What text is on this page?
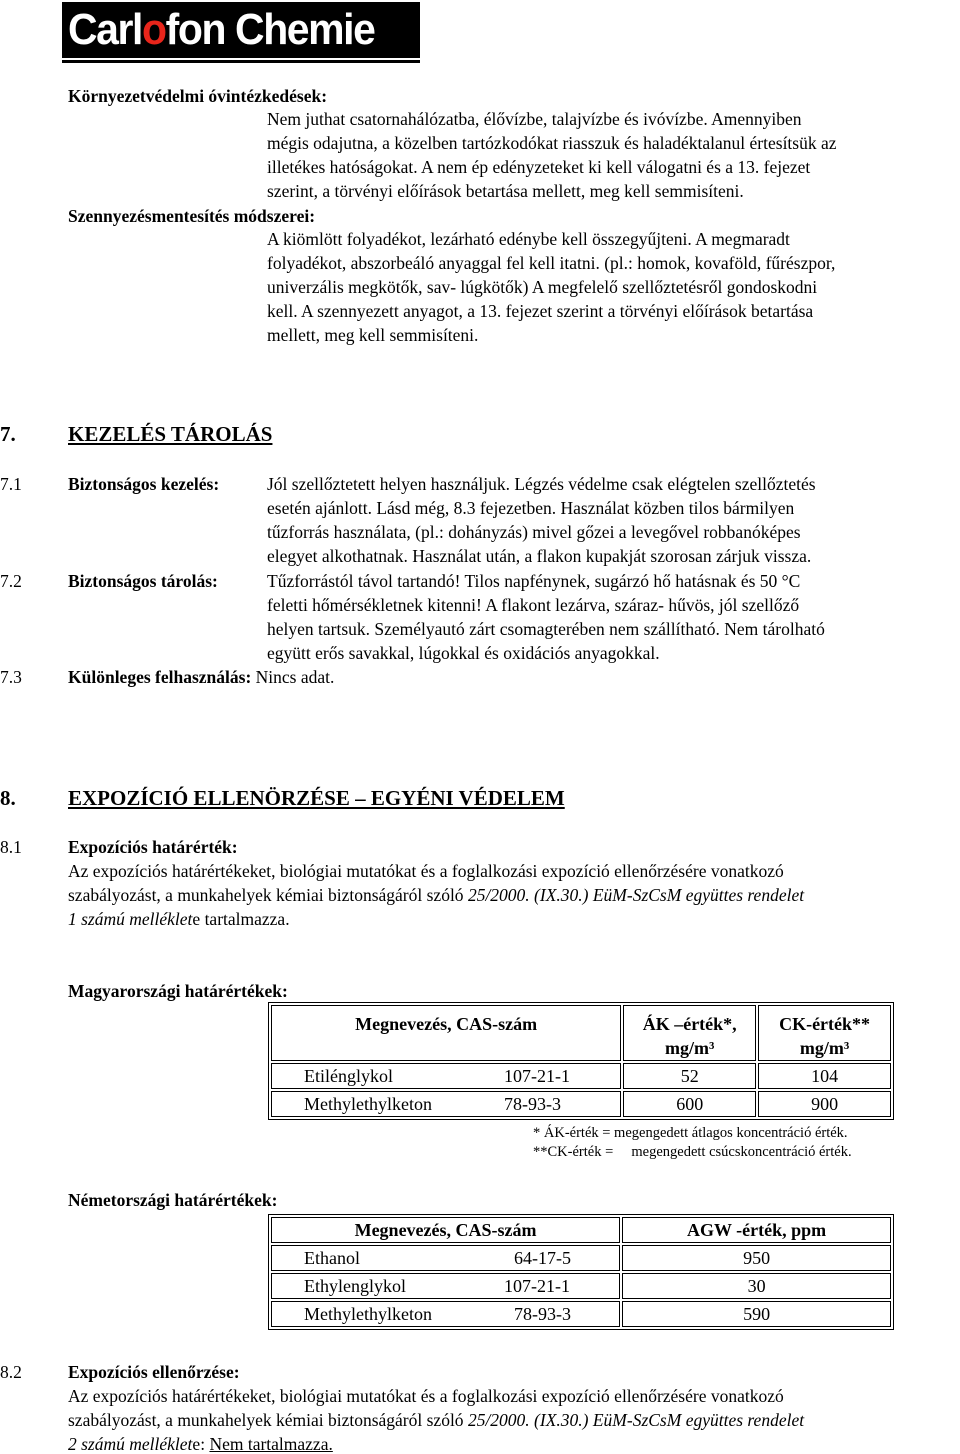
Carlofon Chemie
Környezetvédelmi óvintézkedések:
Nem juthat csatornahálózatba, élővízbe, talajvízbe és ivóvízbe. Amennyiben
mégis odajutna, a közelben tartózkodókat riasszuk és haladéktalanul értesítsük az
illetékes hatóságokat. A nem ép edényzeteket ki kell válogatni és a 13. fejezet
szerint, a törvényi előírások betartása mellett, meg kell semmisíteni.
Szennyezésmentesítés módszerei:
A kiömlött folyadékot, lezárható edénybe kell összegyűjteni. A megmaradt
folyadékot, abszorbeáló anyaggal fel kell itatni. (pl.: homok, kovaföld, fűrészpor,
univerzális megkötők, sav- lúgkötők) A megfelelő szellőztetésről gondoskodni
kell. A szennyezett anyagot, a 13. fejezet szerint a törvényi előírások betartása
mellett, meg kell semmisíteni.
7. KEZELÉS TÁROLÁS
7.1	Biztonságos kezelés:	Jól szellőztetett helyen használjuk. Légzés védelme csak elégtelen szellőztetés
esetén ajánlott. Lásd még, 8.3 fejezetben. Használat közben tilos bármilyen
tűzforrás használata, (pl.: dohányzás) mivel gőzei a levegővel robbanóképes
elegyet alkothatnak. Használat után, a flakon kupakját szorosan zárjuk vissza.
7.2	Biztonságos tárolás:	Tűzforrástól távol tartandó! Tilos napfénynek, sugárzó hő hatásnak és 50 °C
feletti hőmérsékletnek kitenni! A flakont lezárva, száraz- hűvös, jól szellőző
helyen tartsuk. Személyautó zárt csomagterében nem szállítható. Nem tárolható
együtt erős savakkal, lúgokkal és oxidációs anyagokkal.
7.3	Különleges felhasználás: Nincs adat.
8. EXPOZÍCIÓ ELLENÖRZÉSE – EGYÉNI VÉDELEM
8.1	Expozíciós határérték:
Az expozíciós határértékeket, biológiai mutatókat és a foglalkozási expozíció ellenőrzésére vonatkozó
szabályozást, a munkahelyek kémiai biztonságáról szóló 25/2000. (IX.30.) EüM-SzCsM együttes rendelet
1 számú melléklete tartalmazza.
Magyarországi határértékek:
Megnevezés, CAS-szám	ÁK –érték*, mg/m³	CK-érték** mg/m³
Etilénglykol 107-21-1	52	104
Methylethylketon 78-93-3	600	900
* ÁK-érték = megengedett átlagos koncentráció érték.
**CK-érték =     megengedett csúcskoncentráció érték.
Németországi határértékek:
Megnevezés, CAS-szám	AGW -érték, ppm
Ethanol 64-17-5	950
Ethylenglykol 107-21-1	30
Methylethylketon 78-93-3	590
8.2	Expozíciós ellenőrzése:
Az expozíciós határértékeket, biológiai mutatókat és a foglalkozási expozíció ellenőrzésére vonatkozó
szabályozást, a munkahelyek kémiai biztonságáról szóló 25/2000. (IX.30.) EüM-SzCsM együttes rendelet
2 számú melléklete: Nem tartalmazza.
